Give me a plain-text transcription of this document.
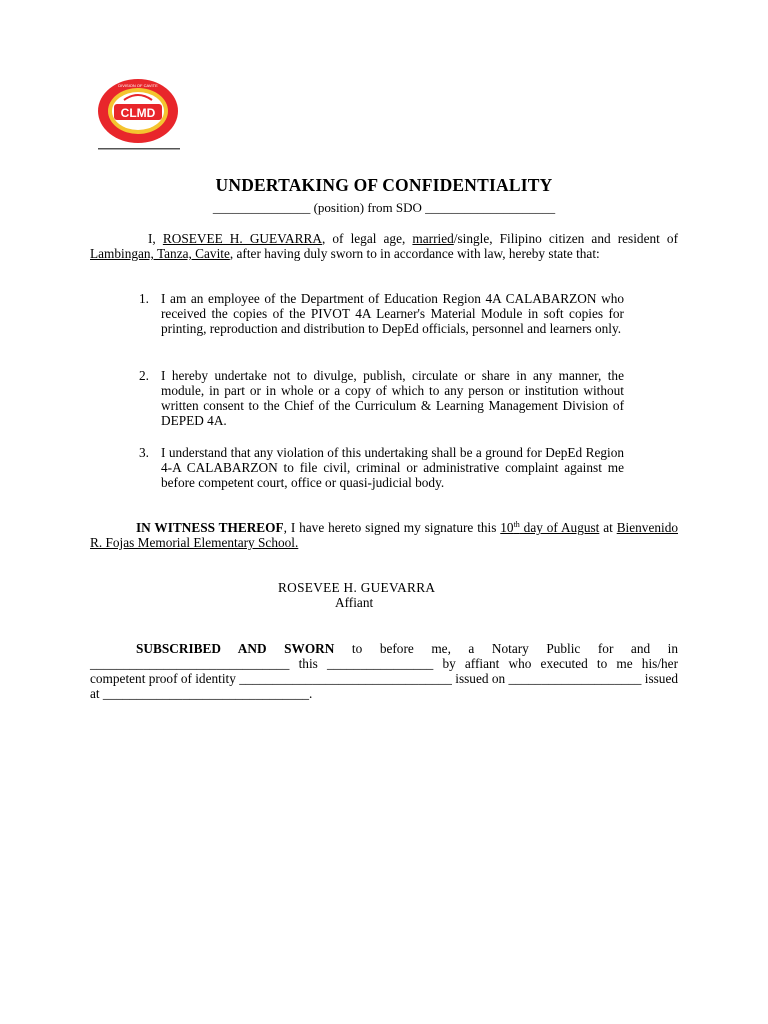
CLMD
DIVISION OF CAVITE
UNDERTAKING OF CONFIDENTIALITY
_______________ (position) from SDO ____________________
I, ROSEVEE H. GUEVARRA, of legal age, married/single, Filipino citizen and resident of Lambingan, Tanza, Cavite, after having duly sworn to in accordance with law, hereby state that:
1. I am an employee of the Department of Education Region 4A CALABARZON who received the copies of the PIVOT 4A Learner's Material Module in soft copies for printing, reproduction and distribution to DepEd officials, personnel and learners only.
2. I hereby undertake not to divulge, publish, circulate or share in any manner, the module, in part or in whole or a copy of which to any person or institution without written consent to the Chief of the Curriculum & Learning Management Division of DEPED 4A.
3. I understand that any violation of this undertaking shall be a ground for DepEd Region 4-A CALABARZON to file civil, criminal or administrative complaint against me before competent court, office or quasi-judicial body.
IN WITNESS THEREOF, I have hereto signed my signature this 10th day of August at Bienvenido R. Fojas Memorial Elementary School.
ROSEVEE H. GUEVARRA
Affiant
SUBSCRIBED AND SWORN to before me, a Notary Public for and in ______________________________ this ________________ by affiant who executed to me his/her competent proof of identity ________________________________ issued on ____________________ issued at _______________________________.
